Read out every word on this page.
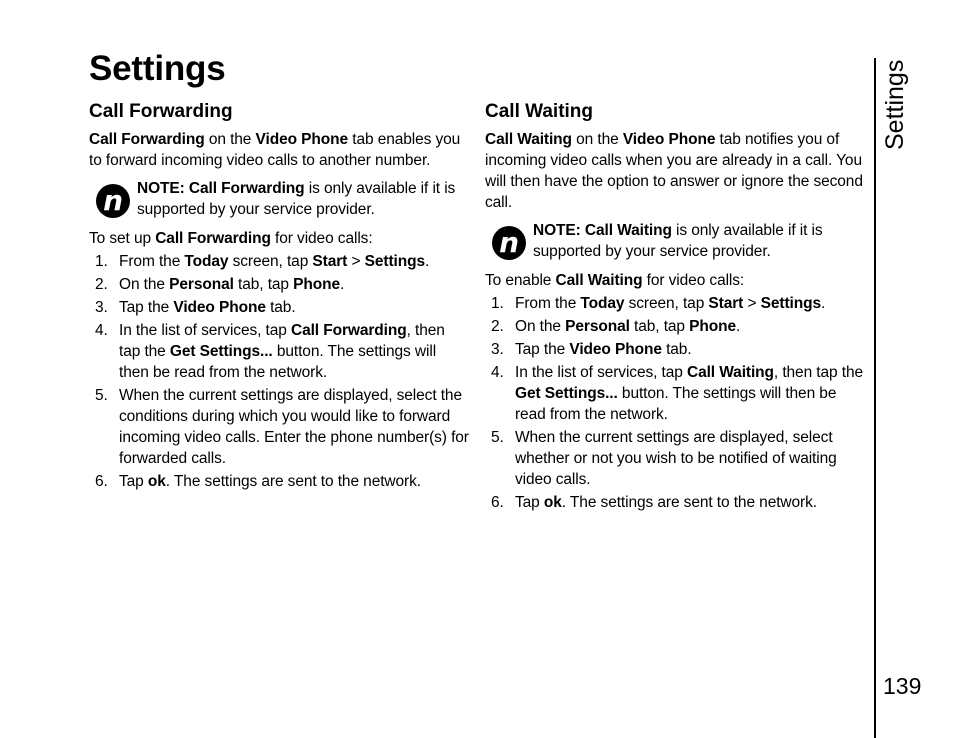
Settings
Call Forwarding

Call Forwarding on the Video Phone tab enables you to forward incoming video calls to another number.

n NOTE: Call Forwarding is only available if it is supported by your service provider.

To set up Call Forwarding for video calls:

1. From the Today screen, tap Start > Settings.
2. On the Personal tab, tap Phone.
3. Tap the Video Phone tab.
4. In the list of services, tap Call Forwarding, then tap the Get Settings... button. The settings will then be read from the network.
5. When the current settings are displayed, select the conditions during which you would like to forward incoming video calls. Enter the phone number(s) for forwarded calls.
6. Tap ok. The settings are sent to the network.
Call Waiting

Call Waiting on the Video Phone tab notifies you of incoming video calls when you are already in a call. You will then have the option to answer or ignore the second call.

n NOTE: Call Waiting is only available if it is supported by your service provider.

To enable Call Waiting for video calls:

1. From the Today screen, tap Start > Settings.
2. On the Personal tab, tap Phone.
3. Tap the Video Phone tab.
4. In the list of services, tap Call Waiting, then tap the Get Settings... button. The settings will then be read from the network.
5. When the current settings are displayed, select whether or not you wish to be notified of waiting video calls.
6. Tap ok. The settings are sent to the network.
Settings
139
